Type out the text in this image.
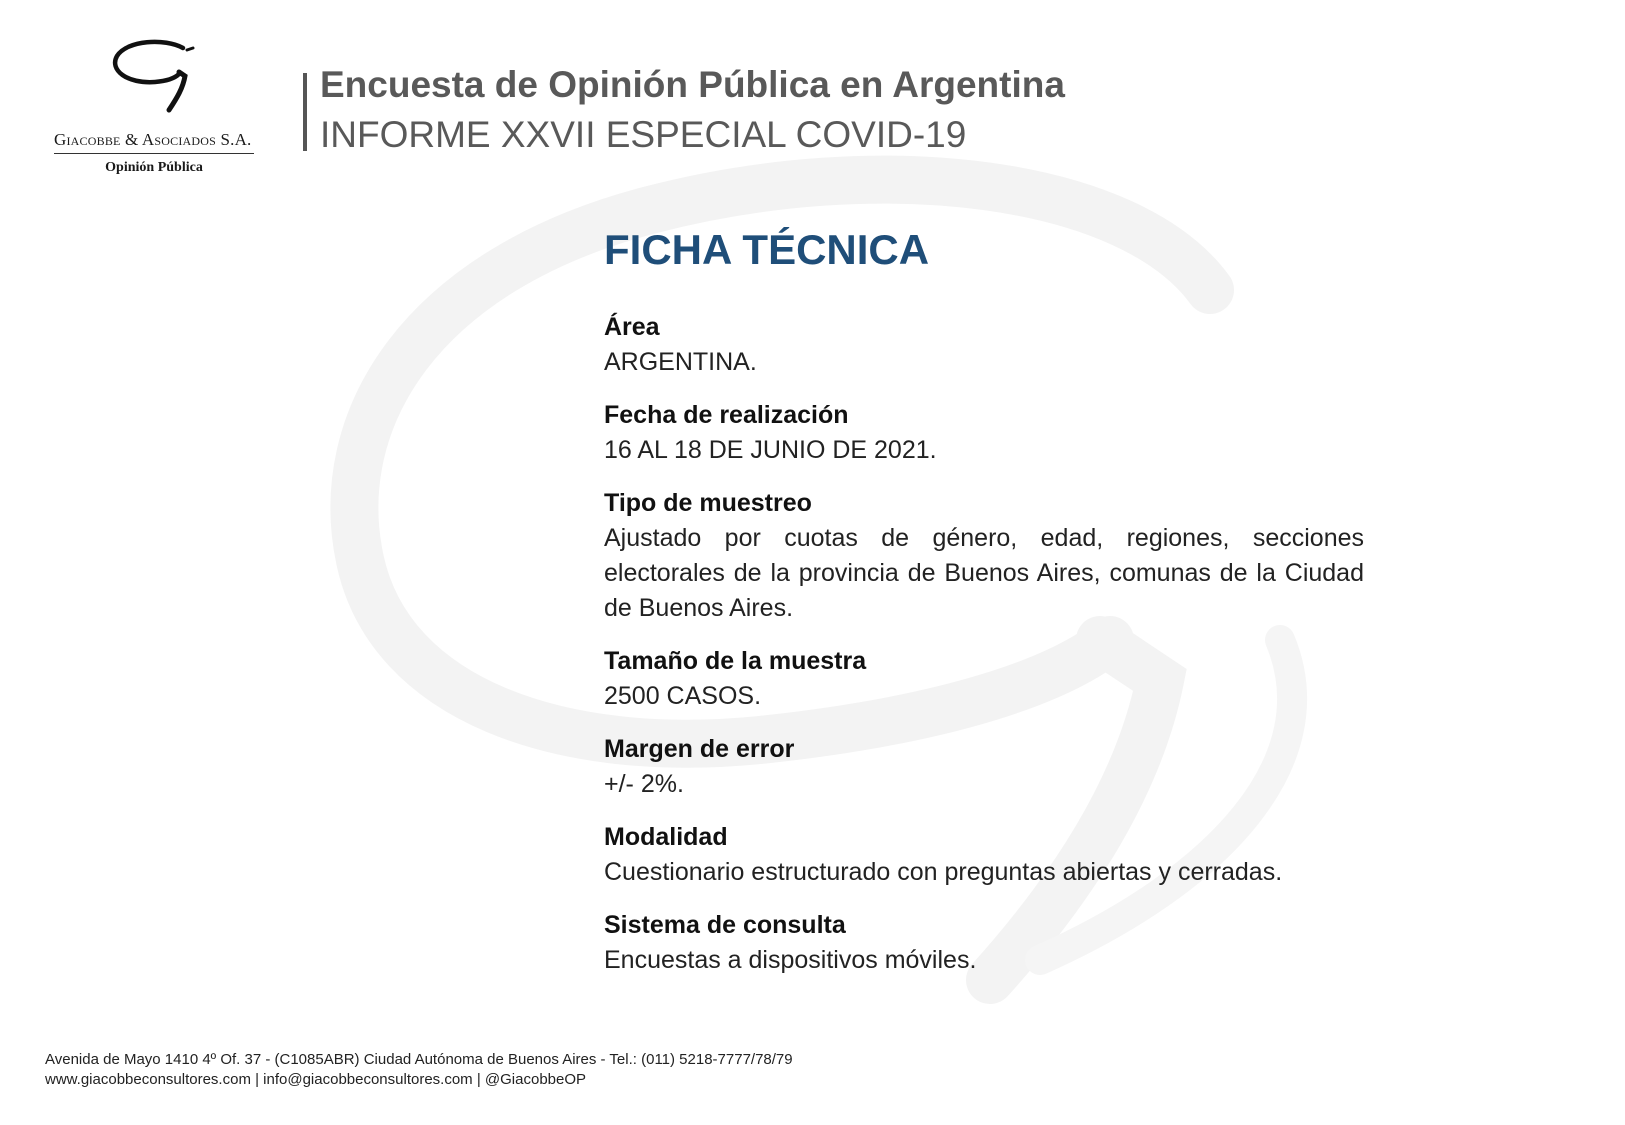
Giacobbe & Asociados S.A.
Opinión Pública
Encuesta de Opinión Pública en Argentina
INFORME XXVII ESPECIAL COVID-19
FICHA TÉCNICA
Área
ARGENTINA.
Fecha de realización
16 AL 18 DE JUNIO DE 2021.
Tipo de muestreo
Ajustado por cuotas de género, edad, regiones, secciones electorales de la provincia de Buenos Aires, comunas de la Ciudad de Buenos Aires.
Tamaño de la muestra
2500 CASOS.
Margen de error
+/- 2%.
Modalidad
Cuestionario estructurado con preguntas abiertas y cerradas.
Sistema de consulta
Encuestas a dispositivos móviles.
Avenida de Mayo 1410 4º Of. 37 - (C1085ABR) Ciudad Autónoma de Buenos Aires - Tel.: (011) 5218-7777/78/79
www.giacobbeconsultores.com | info@giacobbeconsultores.com | @GiacobbeOP
